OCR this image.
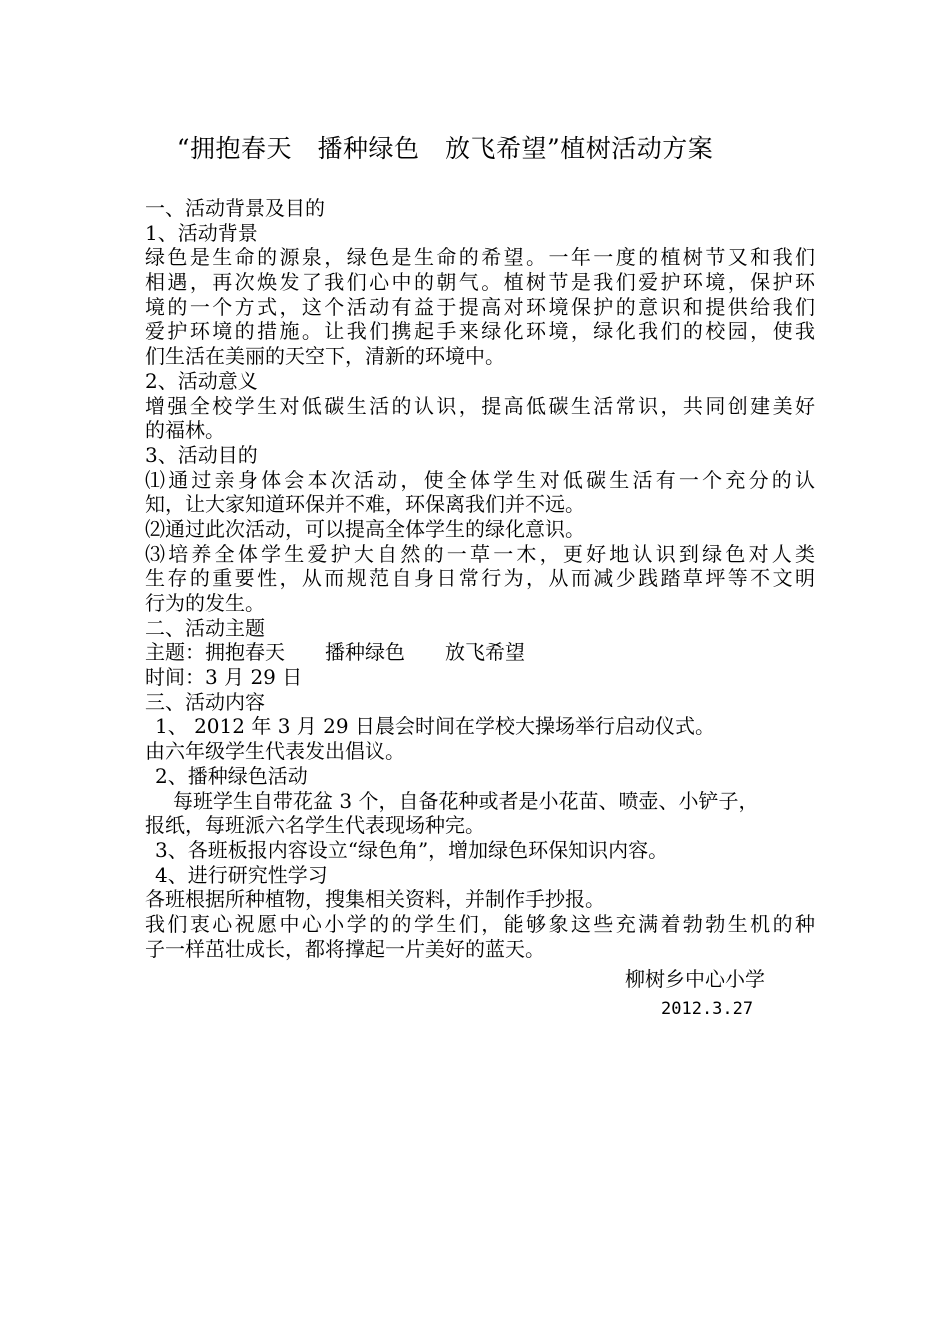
“拥抱春天　播种绿色　放飞希望”植树活动方案
一、活动背景及目的
1、活动背景
绿色是生命的源泉，绿色是生命的希望。一年一度的植树节又和我们
相遇，再次焕发了我们心中的朝气。植树节是我们爱护环境，保护环
境的一个方式，这个活动有益于提高对环境保护的意识和提供给我们
爱护环境的措施。让我们携起手来绿化环境，绿化我们的校园，使我
们生活在美丽的天空下，清新的环境中。
2、活动意义
增强全校学生对低碳生活的认识，提高低碳生活常识，共同创建美好
的福林。
3、活动目的
⑴通过亲身体会本次活动，使全体学生对低碳生活有一个充分的认
知，让大家知道环保并不难，环保离我们并不远。
⑵通过此次活动，可以提高全体学生的绿化意识。
⑶培养全体学生爱护大自然的一草一木，更好地认识到绿色对人类
生存的重要性，从而规范自身日常行为，从而减少践踏草坪等不文明
行为的发生。
二、活动主题
主题：拥抱春天　　播种绿色　　放飞希望
时间：3 月 29 日
三、活动内容
1、 2012 年 3 月 29 日晨会时间在学校大操场举行启动仪式。
由六年级学生代表发出倡议。
2、播种绿色活动
每班学生自带花盆 3 个，自备花种或者是小花苗、喷壶、小铲子，
报纸，每班派六名学生代表现场种完。
3、各班板报内容设立“绿色角”，增加绿色环保知识内容。
4、进行研究性学习
各班根据所种植物，搜集相关资料，并制作手抄报。
我们衷心祝愿中心小学的的学生们，能够象这些充满着勃勃生机的种
子一样茁壮成长，都将撑起一片美好的蓝天。
柳树乡中心小学
2012.3.27
